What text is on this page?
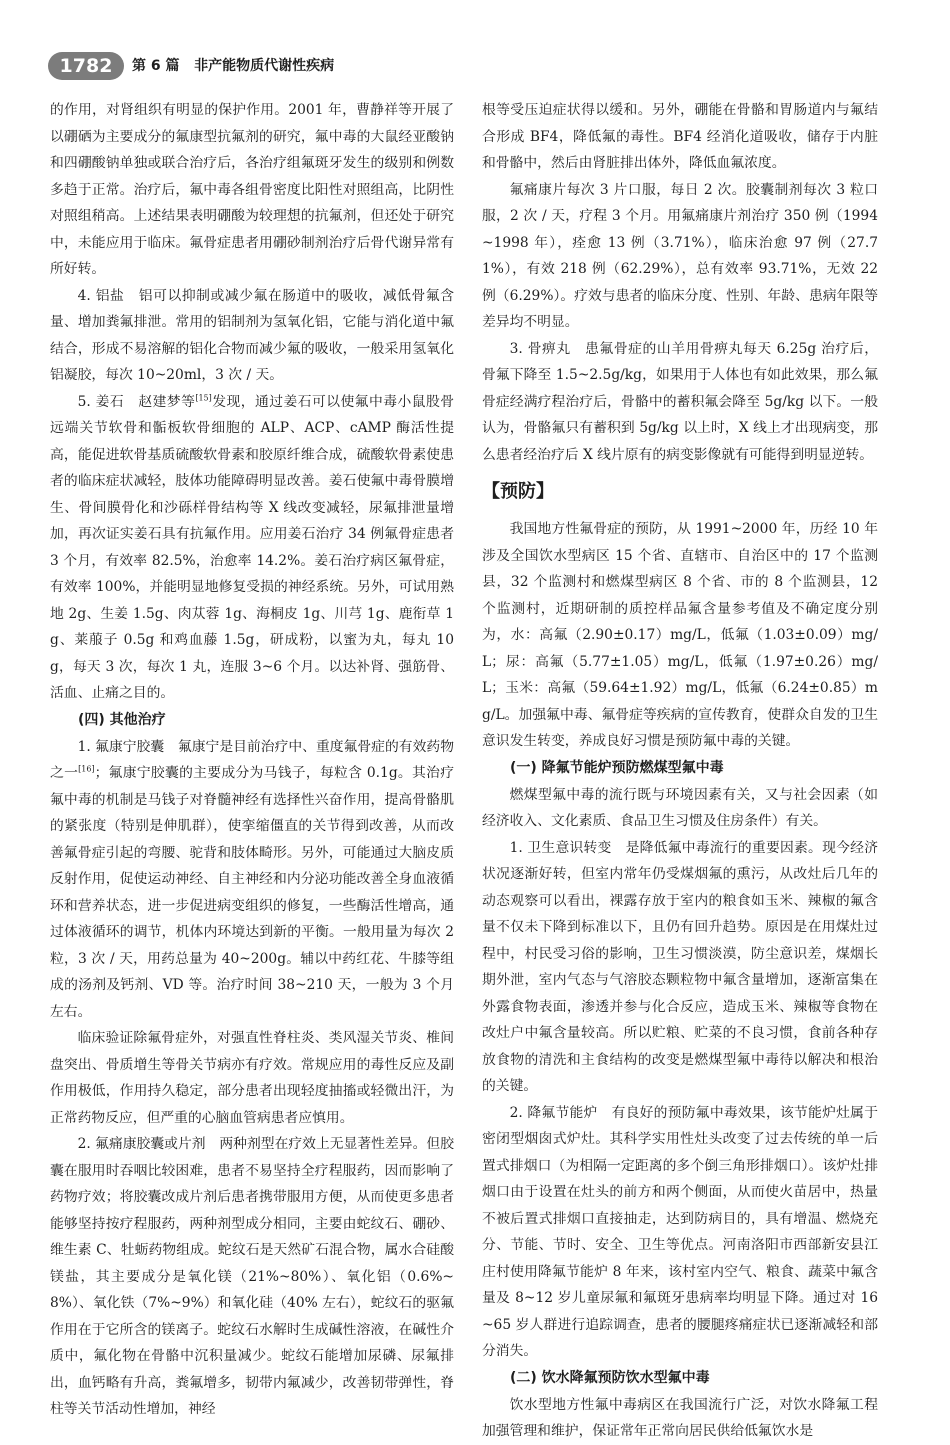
1782	第 6 篇 非产能物质代谢性疾病

的作用，对肾组织有明显的保护作用。2001 年，曹静祥等开展了以硼硒为主要成分的氟康型抗氟剂的研究，氟中毒的大鼠经亚酸钠和四硼酸钠单独或联合治疗后，各治疗组氟斑牙发生的级别和例数多趋于正常。治疗后，氟中毒各组骨密度比阳性对照组高，比阴性对照组稍高。上述结果表明硼酸为较理想的抗氟剂，但还处于研究中，未能应用于临床。氟骨症患者用硼砂制剂治疗后骨代谢异常有所好转。

4. 铝盐　铝可以抑制或减少氟在肠道中的吸收，减低骨氟含量、增加粪氟排泄。常用的铝制剂为氢氧化铝，它能与消化道中氟结合，形成不易溶解的铝化合物而减少氟的吸收，一般采用氢氧化铝凝胶，每次 10~20ml，3 次 / 天。

5. 姜石　赵建梦等[15]发现，通过姜石可以使氟中毒小鼠股骨远端关节软骨和骺板软骨细胞的 ALP、ACP、cAMP 酶活性提高，能促进软骨基质硫酸软骨素和胶原纤维合成，硫酸软骨素使患者的临床症状减轻，肢体功能障碍明显改善。姜石使氟中毒骨膜增生、骨间膜骨化和沙砾样骨结构等 X 线改变减轻，尿氟排泄量增加，再次证实姜石具有抗氟作用。应用姜石治疗 34 例氟骨症患者 3 个月，有效率 82.5%，治愈率 14.2%。姜石治疗病区氟骨症，有效率 100%，并能明显地修复受损的神经系统。另外，可试用熟地 2g、生姜 1.5g、肉苁蓉 1g、海桐皮 1g、川芎 1g、鹿衔草 1g、莱菔子 0.5g 和鸡血藤 1.5g，研成粉，以蜜为丸，每丸 10g，每天 3 次，每次 1 丸，连服 3~6 个月。以达补肾、强筋骨、活血、止痛之目的。

(四) 其他治疗

1. 氟康宁胶囊　氟康宁是目前治疗中、重度氟骨症的有效药物之一[16]；氟康宁胶囊的主要成分为马钱子，每粒含 0.1g。其治疗氟中毒的机制是马钱子对脊髓神经有选择性兴奋作用，提高骨骼肌的紧张度（特别是伸肌群），使挛缩僵直的关节得到改善，从而改善氟骨症引起的弯腰、驼背和肢体畸形。另外，可能通过大脑皮质反射作用，促使运动神经、自主神经和内分泌功能改善全身血液循环和营养状态，进一步促进病变组织的修复，一些酶活性增高，通过体液循环的调节，机体内环境达到新的平衡。一般用量为每次 2 粒，3 次 / 天，用药总量为 40~200g。辅以中药红花、牛膝等组成的汤剂及钙剂、VD 等。治疗时间 38~210 天，一般为 3 个月左右。

临床验证除氟骨症外，对强直性脊柱炎、类风湿关节炎、椎间盘突出、骨质增生等骨关节病亦有疗效。常规应用的毒性反应及副作用极低，作用持久稳定，部分患者出现轻度抽搐或轻微出汗，为正常药物反应，但严重的心脑血管病患者应慎用。

2. 氟痛康胶囊或片剂　两种剂型在疗效上无显著性差异。但胶囊在服用时吞咽比较困难，患者不易坚持全疗程服药，因而影响了药物疗效；将胶囊改成片剂后患者携带服用方便，从而使更多患者能够坚持按疗程服药，两种剂型成分相同，主要由蛇纹石、硼砂、维生素 C、牡蛎药物组成。蛇纹石是天然矿石混合物，属水合硅酸镁盐，其主要成分是氧化镁（21%~80%）、氧化铝（0.6%~8%）、氧化铁（7%~9%）和氧化硅（40% 左右），蛇纹石的驱氟作用在于它所含的镁离子。蛇纹石水解时生成碱性溶液，在碱性介质中，氟化物在骨骼中沉积量减少。蛇纹石能增加尿磷、尿氟排出，血钙略有升高，粪氟增多，韧带内氟减少，改善韧带弹性，脊柱等关节活动性增加，神经

根等受压迫症状得以缓和。另外，硼能在骨骼和胃肠道内与氟结合形成 BF4，降低氟的毒性。BF4 经消化道吸收，储存于内脏和骨骼中，然后由肾脏排出体外，降低血氟浓度。

氟痛康片每次 3 片口服，每日 2 次。胶囊制剂每次 3 粒口服，2 次 / 天，疗程 3 个月。用氟痛康片剂治疗 350 例（1994~1998 年），痊愈 13 例（3.71%），临床治愈 97 例（27.71%），有效 218 例（62.29%），总有效率 93.71%，无效 22 例（6.29%）。疗效与患者的临床分度、性别、年龄、患病年限等差异均不明显。

3. 骨痹丸　患氟骨症的山羊用骨痹丸每天 6.25g 治疗后，骨氟下降至 1.5~2.5g/kg，如果用于人体也有如此效果，那么氟骨症经满疗程治疗后，骨骼中的蓄积氟会降至 5g/kg 以下。一般认为，骨骼氟只有蓄积到 5g/kg 以上时，X 线上才出现病变，那么患者经治疗后 X 线片原有的病变影像就有可能得到明显逆转。

【预防】

我国地方性氟骨症的预防，从 1991~2000 年，历经 10 年涉及全国饮水型病区 15 个省、直辖市、自治区中的 17 个监测县，32 个监测村和燃煤型病区 8 个省、市的 8 个监测县，12 个监测村，近期研制的质控样品氟含量参考值及不确定度分别为，水：高氟（2.90±0.17）mg/L，低氟（1.03±0.09）mg/L；尿：高氟（5.77±1.05）mg/L，低氟（1.97±0.26）mg/L；玉米：高氟（59.64±1.92）mg/L，低氟（6.24±0.85）mg/L。加强氟中毒、氟骨症等疾病的宣传教育，使群众自发的卫生意识发生转变，养成良好习惯是预防氟中毒的关键。

(一) 降氟节能炉预防燃煤型氟中毒

燃煤型氟中毒的流行既与环境因素有关，又与社会因素（如经济收入、文化素质、食品卫生习惯及住房条件）有关。

1. 卫生意识转变　是降低氟中毒流行的重要因素。现今经济状况逐渐好转，但室内常年仍受煤烟氟的熏污，从改灶后几年的动态观察可以看出，裸露存放于室内的粮食如玉米、辣椒的氟含量不仅未下降到标准以下，且仍有回升趋势。原因是在用煤灶过程中，村民受习俗的影响，卫生习惯淡漠，防尘意识差，煤烟长期外泄，室内气态与气溶胶态颗粒物中氟含量增加，逐渐富集在外露食物表面，渗透并参与化合反应，造成玉米、辣椒等食物在改灶户中氟含量较高。所以贮粮、贮菜的不良习惯，食前各种存放食物的清洗和主食结构的改变是燃煤型氟中毒待以解决和根治的关键。

2. 降氟节能炉　有良好的预防氟中毒效果，该节能炉灶属于密闭型烟囱式炉灶。其科学实用性灶头改变了过去传统的单一后置式排烟口（为相隔一定距离的多个倒三角形排烟口）。该炉灶排烟口由于设置在灶头的前方和两个侧面，从而使火苗居中，热量不被后置式排烟口直接抽走，达到防病目的，具有增温、燃烧充分、节能、节时、安全、卫生等优点。河南洛阳市西部新安县江庄村使用降氟节能炉 8 年来，该村室内空气、粮食、蔬菜中氟含量及 8~12 岁儿童尿氟和氟斑牙患病率均明显下降。通过对 16~65 岁人群进行追踪调查，患者的腰腿疼痛症状已逐渐减轻和部分消失。

(二) 饮水降氟预防饮水型氟中毒

饮水型地方性氟中毒病区在我国流行广泛，对饮水降氟工程加强管理和维护，保证常年正常向居民供给低氟饮水是
